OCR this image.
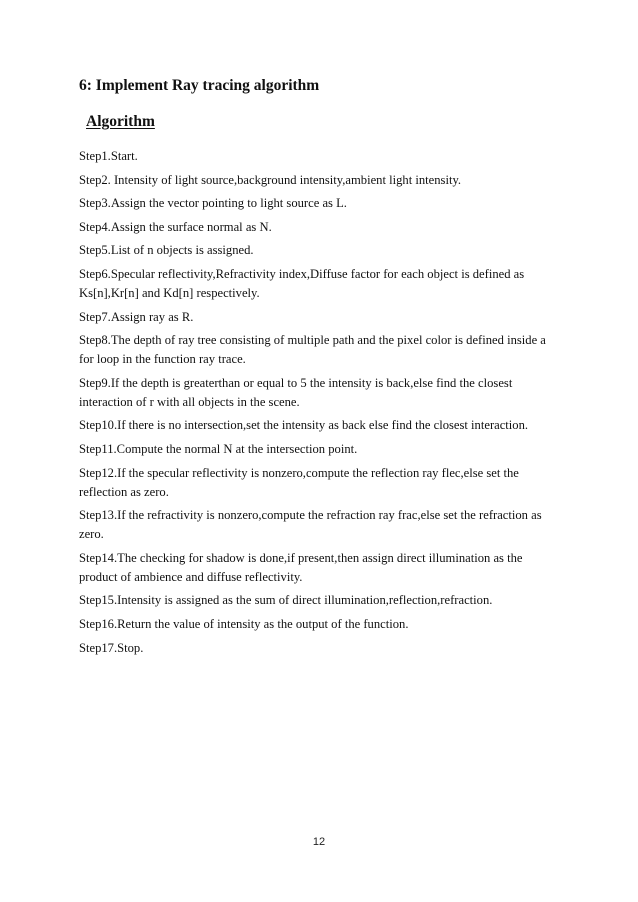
6: Implement Ray tracing algorithm
Algorithm
Step1.Start.
Step2. Intensity of light source,background intensity,ambient light intensity.
Step3.Assign the vector pointing to light source as L.
Step4.Assign the surface normal as N.
Step5.List of n objects is assigned.
Step6.Specular reflectivity,Refractivity index,Diffuse factor for each object is defined as
Ks[n],Kr[n] and Kd[n] respectively.
Step7.Assign ray as R.
Step8.The depth of ray tree consisting of multiple path and the pixel color is defined inside a
for loop in the function ray trace.
Step9.If the depth is greaterthan or equal to 5 the intensity is back,else find the closest
interaction of r with all objects in the scene.
Step10.If there is no intersection,set the intensity as back else find the closest interaction.
Step11.Compute the normal N at the intersection point.
Step12.If the specular reflectivity is nonzero,compute the reflection ray flec,else set the
reflection as zero.
Step13.If the refractivity is nonzero,compute the refraction ray frac,else set the refraction as
zero.
Step14.The checking for shadow is done,if present,then assign direct illumination as the
product of ambience and diffuse reflectivity.
Step15.Intensity is assigned as the sum of direct illumination,reflection,refraction.
Step16.Return the value of intensity as the output of the function.
Step17.Stop.
12
